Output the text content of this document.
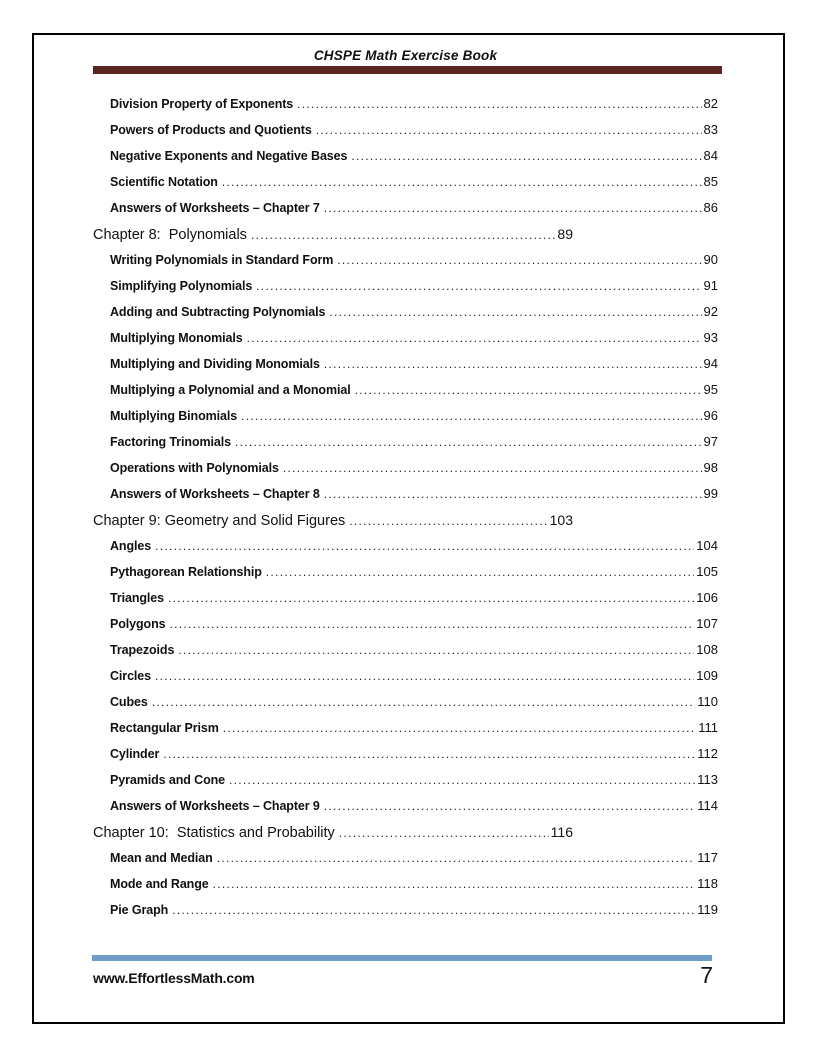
CHSPE Math Exercise Book
Division Property of Exponents .....	82
Powers of Products and Quotients .....	83
Negative Exponents and Negative Bases .....	84
Scientific Notation .....	85
Answers of Worksheets – Chapter 7 .....	86
Chapter 8:  Polynomials .....	89
Writing Polynomials in Standard Form .....	90
Simplifying Polynomials .....	91
Adding and Subtracting Polynomials .....	92
Multiplying Monomials .....	93
Multiplying and Dividing Monomials .....	94
Multiplying a Polynomial and a Monomial .....	95
Multiplying Binomials .....	96
Factoring Trinomials .....	97
Operations with Polynomials .....	98
Answers of Worksheets – Chapter 8 .....	99
Chapter 9: Geometry and Solid Figures .....	103
Angles .....	104
Pythagorean Relationship .....	105
Triangles .....	106
Polygons .....	107
Trapezoids .....	108
Circles .....	109
Cubes .....	110
Rectangular Prism .....	111
Cylinder .....	112
Pyramids and Cone .....	113
Answers of Worksheets – Chapter 9 .....	114
Chapter 10:  Statistics and Probability .....	116
Mean and Median .....	117
Mode and Range .....	118
Pie Graph .....	119
www.EffortlessMath.com	7
